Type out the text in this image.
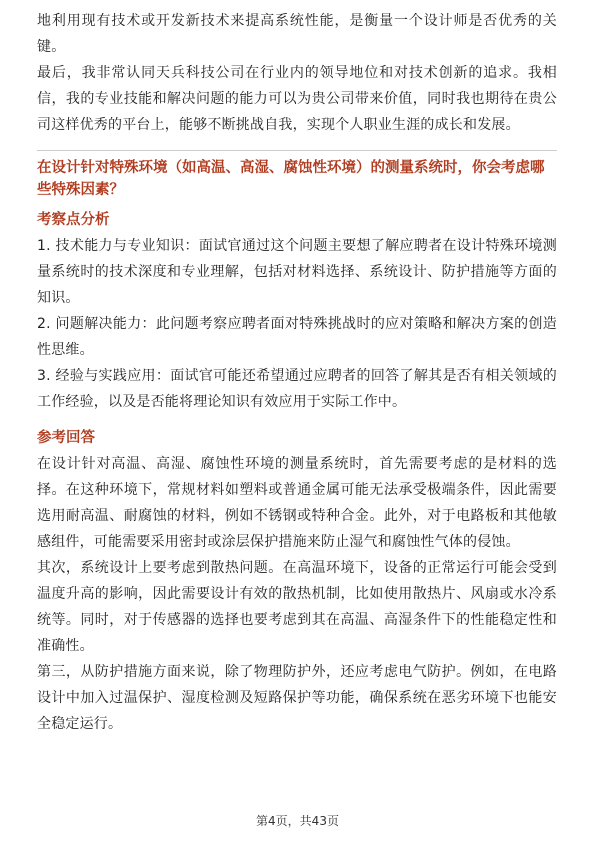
地利用现有技术或开发新技术来提高系统性能，是衡量一个设计师是否优秀的关键。

最后，我非常认同天兵科技公司在行业内的领导地位和对技术创新的追求。我相信，我的专业技能和解决问题的能力可以为贵公司带来价值，同时我也期待在贵公司这样优秀的平台上，能够不断挑战自我，实现个人职业生涯的成长和发展。

在设计针对特殊环境（如高温、高湿、腐蚀性环境）的测量系统时，你会考虑哪些特殊因素？
考察点分析

1. 技术能力与专业知识：面试官通过这个问题主要想了解应聘者在设计特殊环境测量系统时的技术深度和专业理解，包括对材料选择、系统设计、防护措施等方面的知识。

2. 问题解决能力：此问题考察应聘者面对特殊挑战时的应对策略和解决方案的创造性思维。

3. 经验与实践应用：面试官可能还希望通过应聘者的回答了解其是否有相关领域的工作经验，以及是否能将理论知识有效应用于实际工作中。

参考回答

在设计针对高温、高湿、腐蚀性环境的测量系统时，首先需要考虑的是材料的选择。在这种环境下，常规材料如塑料或普通金属可能无法承受极端条件，因此需要选用耐高温、耐腐蚀的材料，例如不锈钢或特种合金。此外，对于电路板和其他敏感组件，可能需要采用密封或涂层保护措施来防止湿气和腐蚀性气体的侵蚀。

其次，系统设计上要考虑到散热问题。在高温环境下，设备的正常运行可能会受到温度升高的影响，因此需要设计有效的散热机制，比如使用散热片、风扇或水冷系统等。同时，对于传感器的选择也要考虑到其在高温、高湿条件下的性能稳定性和准确性。

第三，从防护措施方面来说，除了物理防护外，还应考虑电气防护。例如，在电路设计中加入过温保护、湿度检测及短路保护等功能，确保系统在恶劣环境下也能安全稳定运行。

第4页，共43页
